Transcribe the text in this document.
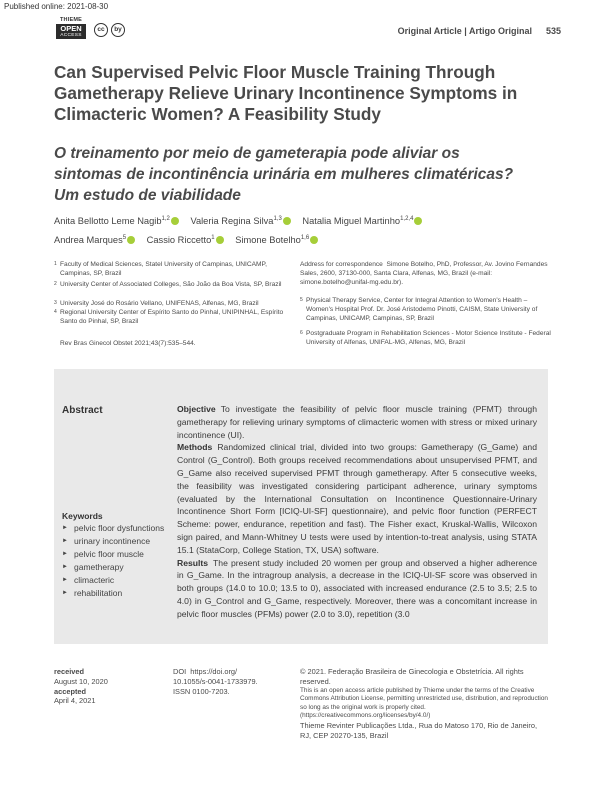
Published online: 2021-08-30
THIEME
OPEN
ACCESS
cc	by	Original Article | Artigo Original 535
Can Supervised Pelvic Floor Muscle Training Through Gametherapy Relieve Urinary Incontinence Symptoms in Climacteric Women? A Feasibility Study
O treinamento por meio de gameterapia pode aliviar os sintomas de incontinência urinária em mulheres climatéricas? Um estudo de viabilidade
Anita Bellotto Leme Nagib$^{1,2}$ Valeria Regina Silva$^{1,3}$ Natalia Miguel Martinho$^{1,2,4}$
Andrea Marques$^5$ Cassio Riccetto$^1$ Simone Botelho$^{1,6}$
1 Faculty of Medical Sciences, Statel University of Campinas, UNICAMP, Campinas, SP, Brazil
2 University Center of Associated Colleges, São João da Boa Vista, SP, Brazil
3 University José do Rosário Vellano, UNIFENAS, Alfenas, MG, Brazil
4 Regional University Center of Espírito Santo do Pinhal, UNIPINHAL, Espírito Santo do Pinhal, SP, Brazil
Address for correspondence Simone Botelho, PhD, Professor, Av. Jovino Fernandes Sales, 2600, 37130-000, Santa Clara, Alfenas, MG, Brazil (e-mail: simone.botelho@unifal-mg.edu.br).
5 Physical Therapy Service, Center for Integral Attention to Women's Health – Women's Hospital Prof. Dr. José Aristodemo Pinotti, CAISM, State University of Campinas, UNICAMP, Campinas, SP, Brazil
6 Postgraduate Program in Rehabilitation Sciences - Motor Science Institute - Federal University of Alfenas, UNIFAL-MG, Alfenas, MG, Brazil
Rev Bras Ginecol Obstet 2021;43(7):535–544.
Abstract
Keywords
► pelvic floor dysfunctions
► urinary incontinence
► pelvic floor muscle
► gametherapy
► climacteric
► rehabilitation

Objective To investigate the feasibility of pelvic floor muscle training (PFMT) through gametherapy for relieving urinary symptoms of climacteric women with stress or mixed urinary incontinence (UI).

Methods Randomized clinical trial, divided into two groups: Gametherapy (G_Game) and Control (G_Control). Both groups received recommendations about unsupervised PFMT, and G_Game also received supervised PFMT through gametherapy. After 5 consecutive weeks, the feasibility was investigated considering participant adherence, urinary symptoms (evaluated by the International Consultation on Incontinence Questionnaire-Urinary Incontinence Short Form [ICIQ-UI-SF] questionnaire), and pelvic floor function (PERFECT Scheme: power, endurance, repetition and fast). The Fisher exact, Kruskal-Wallis, Wilcoxon sign paired, and Mann-Whitney U tests were used by intention-to-treat analysis, using STATA 15.1 (StataCorp, College Station, TX, USA) software.

Results The present study included 20 women per group and observed a higher adherence in G_Game. In the intragroup analysis, a decrease in the ICIQ-UI-SF score was observed in both groups (14.0 to 10.0; 13.5 to 0), associated with increased endurance (2.5 to 3.5; 2.5 to 4.0) in G_Control and G_Game, respectively. Moreover, there was a concomitant increase in pelvic floor muscles (PFMs) power (2.0 to 3.0), repetition (3.0

received
August 10, 2020
accepted
April 4, 2021
DOI https://doi.org/
10.1055/s-0041-1733979.
ISSN 0100-7203.
© 2021. Federação Brasileira de Ginecologia e Obstetrícia. All rights reserved.
This is an open access article published by Thieme under the terms of the Creative Commons Attribution License, permitting unrestricted use, distribution, and reproduction so long as the original work is properly cited. (https://creativecommons.org/licenses/by/4.0/)
Thieme Revinter Publicações Ltda., Rua do Matoso 170, Rio de Janeiro, RJ, CEP 20270-135, Brazil
